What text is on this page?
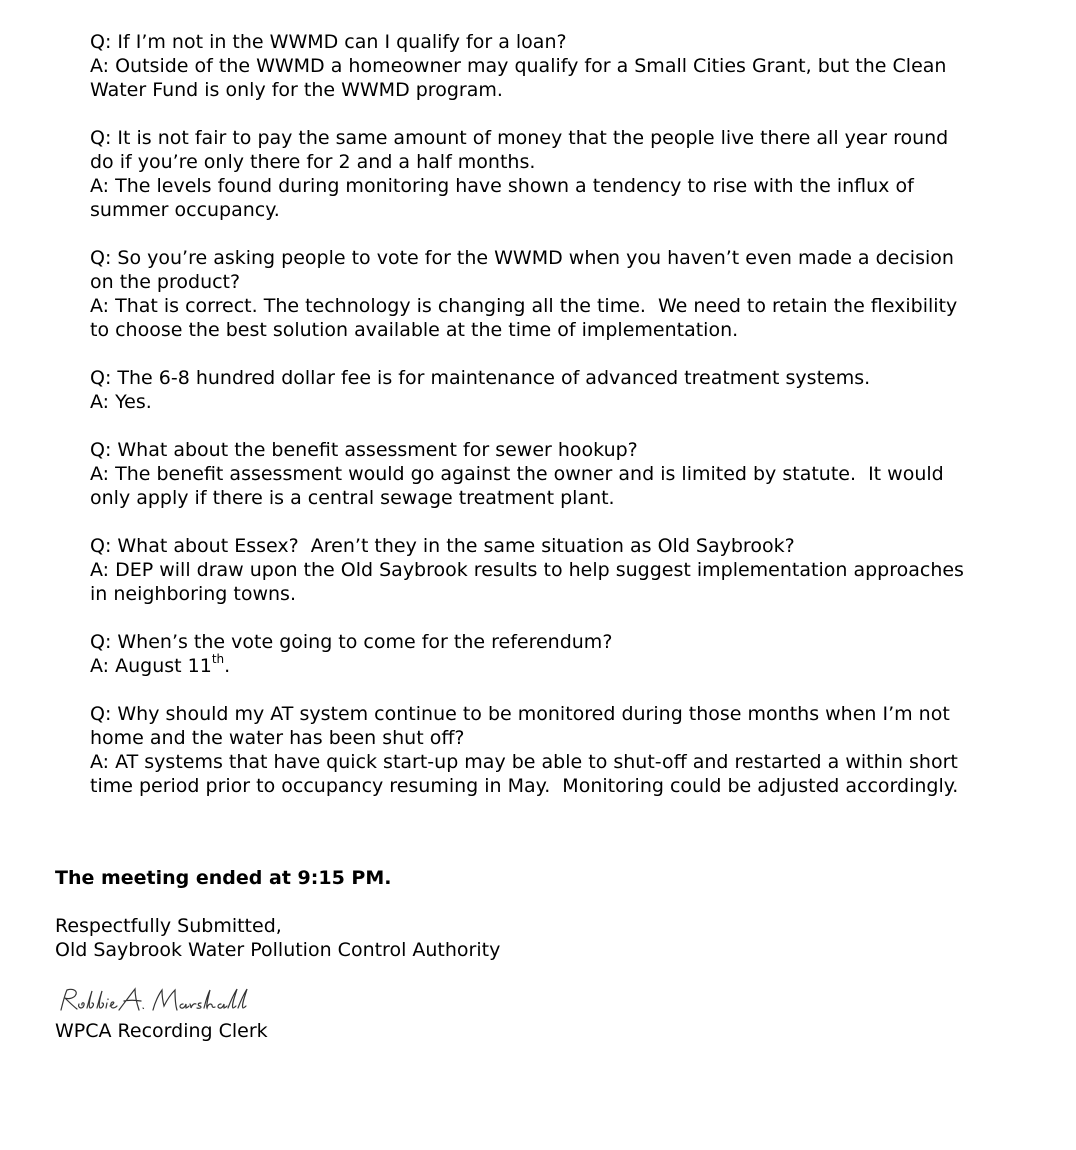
Q: If I’m not in the WWMD can I qualify for a loan?
A: Outside of the WWMD a homeowner may qualify for a Small Cities Grant, but the Clean Water Fund is only for the WWMD program.
Q: It is not fair to pay the same amount of money that the people live there all year round do if you’re only there for 2 and a half months.
A: The levels found during monitoring have shown a tendency to rise with the influx of summer occupancy.
Q: So you’re asking people to vote for the WWMD when you haven’t even made a decision on the product?
A: That is correct. The technology is changing all the time.  We need to retain the flexibility to choose the best solution available at the time of implementation.
Q: The 6-8 hundred dollar fee is for maintenance of advanced treatment systems.
A: Yes.
Q: What about the benefit assessment for sewer hookup?
A: The benefit assessment would go against the owner and is limited by statute.  It would only apply if there is a central sewage treatment plant.
Q: What about Essex?  Aren’t they in the same situation as Old Saybrook?
A: DEP will draw upon the Old Saybrook results to help suggest implementation approaches in neighboring towns.
Q: When’s the vote going to come for the referendum?
A: August 11th.
Q: Why should my AT system continue to be monitored during those months when I’m not home and the water has been shut off?
A: AT systems that have quick start-up may be able to shut-off and restarted a within short time period prior to occupancy resuming in May.  Monitoring could be adjusted accordingly.
The meeting ended at 9:15 PM.
Respectfully Submitted,
Old Saybrook Water Pollution Control Authority
WPCA Recording Clerk
